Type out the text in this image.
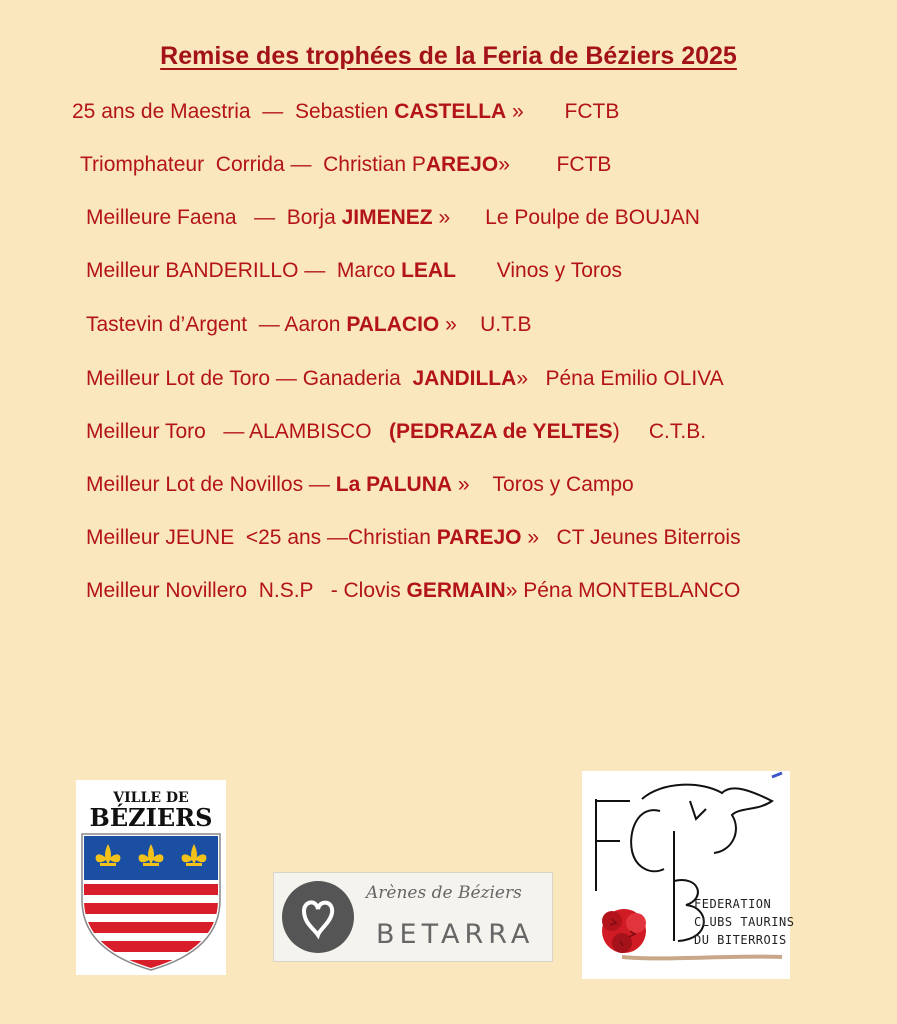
Remise des trophées de la Feria de Béziers 2025
25 ans de Maestria  —  Sebastien CASTELLA »       FCTB
Triomphateur  Corrida —  Christian PAREJO»        FCTB
Meilleure Faena   —  Borja JIMENEZ »      Le Poulpe de BOUJAN
Meilleur BANDERILLO —  Marco LEAL       Vinos y Toros
Tastevin d’Argent  — Aaron PALACIO »    U.T.B
Meilleur Lot de Toro — Ganaderia  JANDILLA»   Péna Emilio OLIVA
Meilleur Toro   — ALAMBISCO   (PEDRAZA de YELTES)     C.T.B.
Meilleur Lot de Novillos — La PALUNA »    Toros y Campo
Meilleur JEUNE  <25 ans —Christian PAREJO »   CT Jeunes Biterrois
Meilleur Novillero  N.S.P   - Clovis GERMAIN» Péna MONTEBLANCO
VILLE DE
BÉZIERS
Arènes de Béziers
BETARRA
FEDERATION
CLUBS TAURINS
DU BITERROIS
